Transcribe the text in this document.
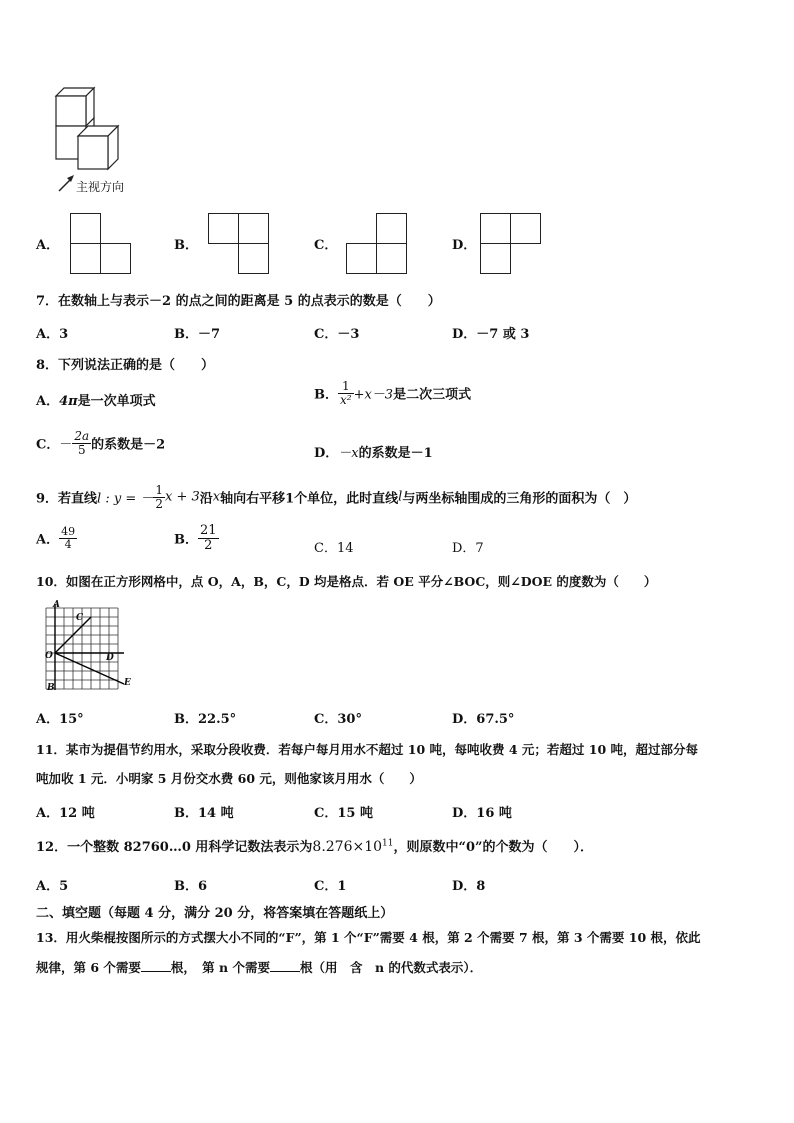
主视方向
A．	B．	C．	D．
7．在数轴上与表示－2 的点之间的距离是 5 的点表示的数是（　　）
A．3	B．－7	C．－3	D．－7 或 3
8．下列说法正确的是（　　）
A．4π是一次单项式	B． $\frac{1}{\text{x²}} +x-3$是二次三项式
C．－ $\frac{2a}{5}$ 的系数是－2
D．－x的系数是－1
9．若直线l : y = － $\frac{1}{2}$ x + 3沿x轴向右平移1个单位，此时直线l与两坐标轴围成的三角形的面积为（　）
A． $\frac{49}{4}$	B． $\frac{21}{2}$	C．14	D．7
10．如图在正方形网格中，点 O，A，B，C，D 均是格点．若 OE 平分∠BOC，则∠DOE 的度数为（　　）
A
C
O	D
E
B
A．15°	B．22.5°	C．30°	D．67.5°
11．某市为提倡节约用水，采取分段收费．若每户每月用水不超过 10 吨，每吨收费 4 元；若超过 10 吨，超过部分每
吨加收 1 元．小明家 5 月份交水费 60 元，则他家该月用水（　　）
A．12 吨	B．14 吨	C．15 吨	D．16 吨
12．一个整数 82760…0 用科学记数法表示为$8.276\times 10^{11}$，则原数中“0”的个数为（　　）．
A．5	B．6	C．1	D．8
二、填空题（每题 4 分，满分 20 分，将答案填在答题纸上）
13．用火柴棍按图所示的方式摆大小不同的“F”，第 1 个“F”需要 4 根，第 2 个需要 7 根，第 3 个需要 10 根，依此
规律，第 6 个需要 根，　第 n 个需要 根（用　含　n 的代数式表示）．
